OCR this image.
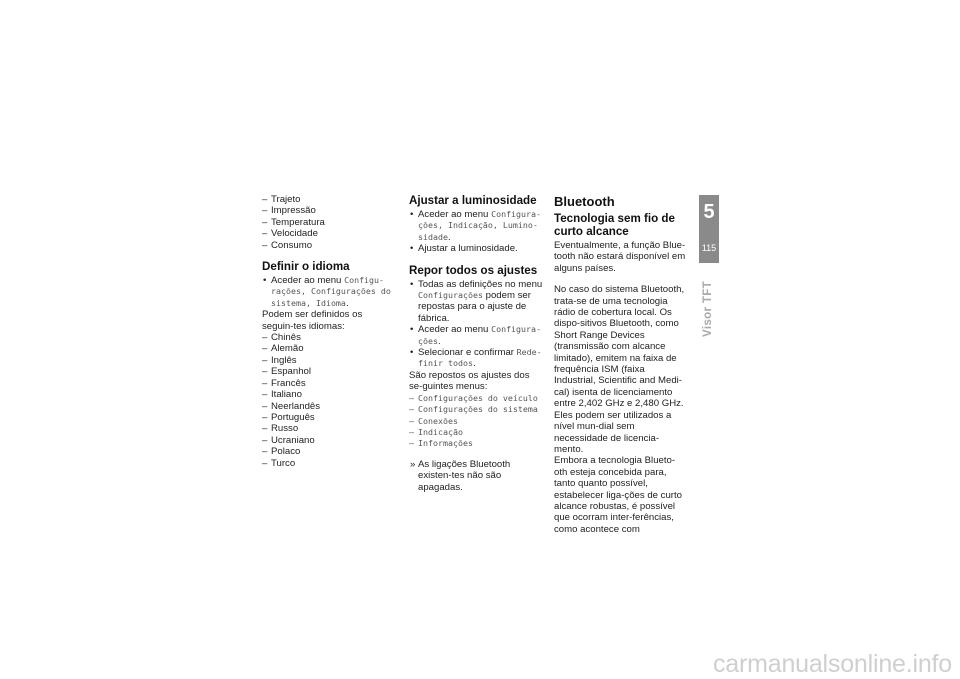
– Trajeto
– Impressão
– Temperatura
– Velocidade
– Consumo
Definir o idioma
• Aceder ao menu Configu-rações, Configurações do sistema, Idioma.

Podem ser definidos os seguin-tes idiomas:

– Chinês
– Alemão
– Inglês
– Espanhol
– Francês
– Italiano
– Neerlandês
– Português
– Russo
– Ucraniano
– Polaco
– Turco
Ajustar a luminosidade
• Aceder ao menu Configura-ções, Indicação, Lumino-sidade.
• Ajustar a luminosidade.
Repor todos os ajustes
• Todas as definições no menu Configurações podem ser repostas para o ajuste de fábrica.
• Aceder ao menu Configura-ções.
• Selecionar e confirmar Rede-finir todos.

São repostos os ajustes dos se-guintes menus:

– Configurações do veículo
– Configurações do sistema
– Conexões
– Indicação
– Informações

» As ligações Bluetooth existen-tes não são apagadas.

Bluetooth
Tecnologia sem fio de curto alcance

Eventualmente, a função Blue-tooth não estará disponível em alguns países.

No caso do sistema Bluetooth, trata-se de uma tecnologia rádio de cobertura local. Os dispo-sitivos Bluetooth, como Short Range Devices (transmissão com alcance limitado), emitem na faixa de frequência ISM (faixa Industrial, Scientific and Medi-cal) isenta de licenciamento entre 2,402 GHz e 2,480 GHz. Eles podem ser utilizados a nível mun-dial sem necessidade de licencia-mento.

Embora a tecnologia Blueto-oth esteja concebida para, tanto quanto possível, estabelecer liga-ções de curto alcance robustas, é possível que ocorram inter-ferências, como acontece com

5
115
Visor TFT
carmanualsonline.info
